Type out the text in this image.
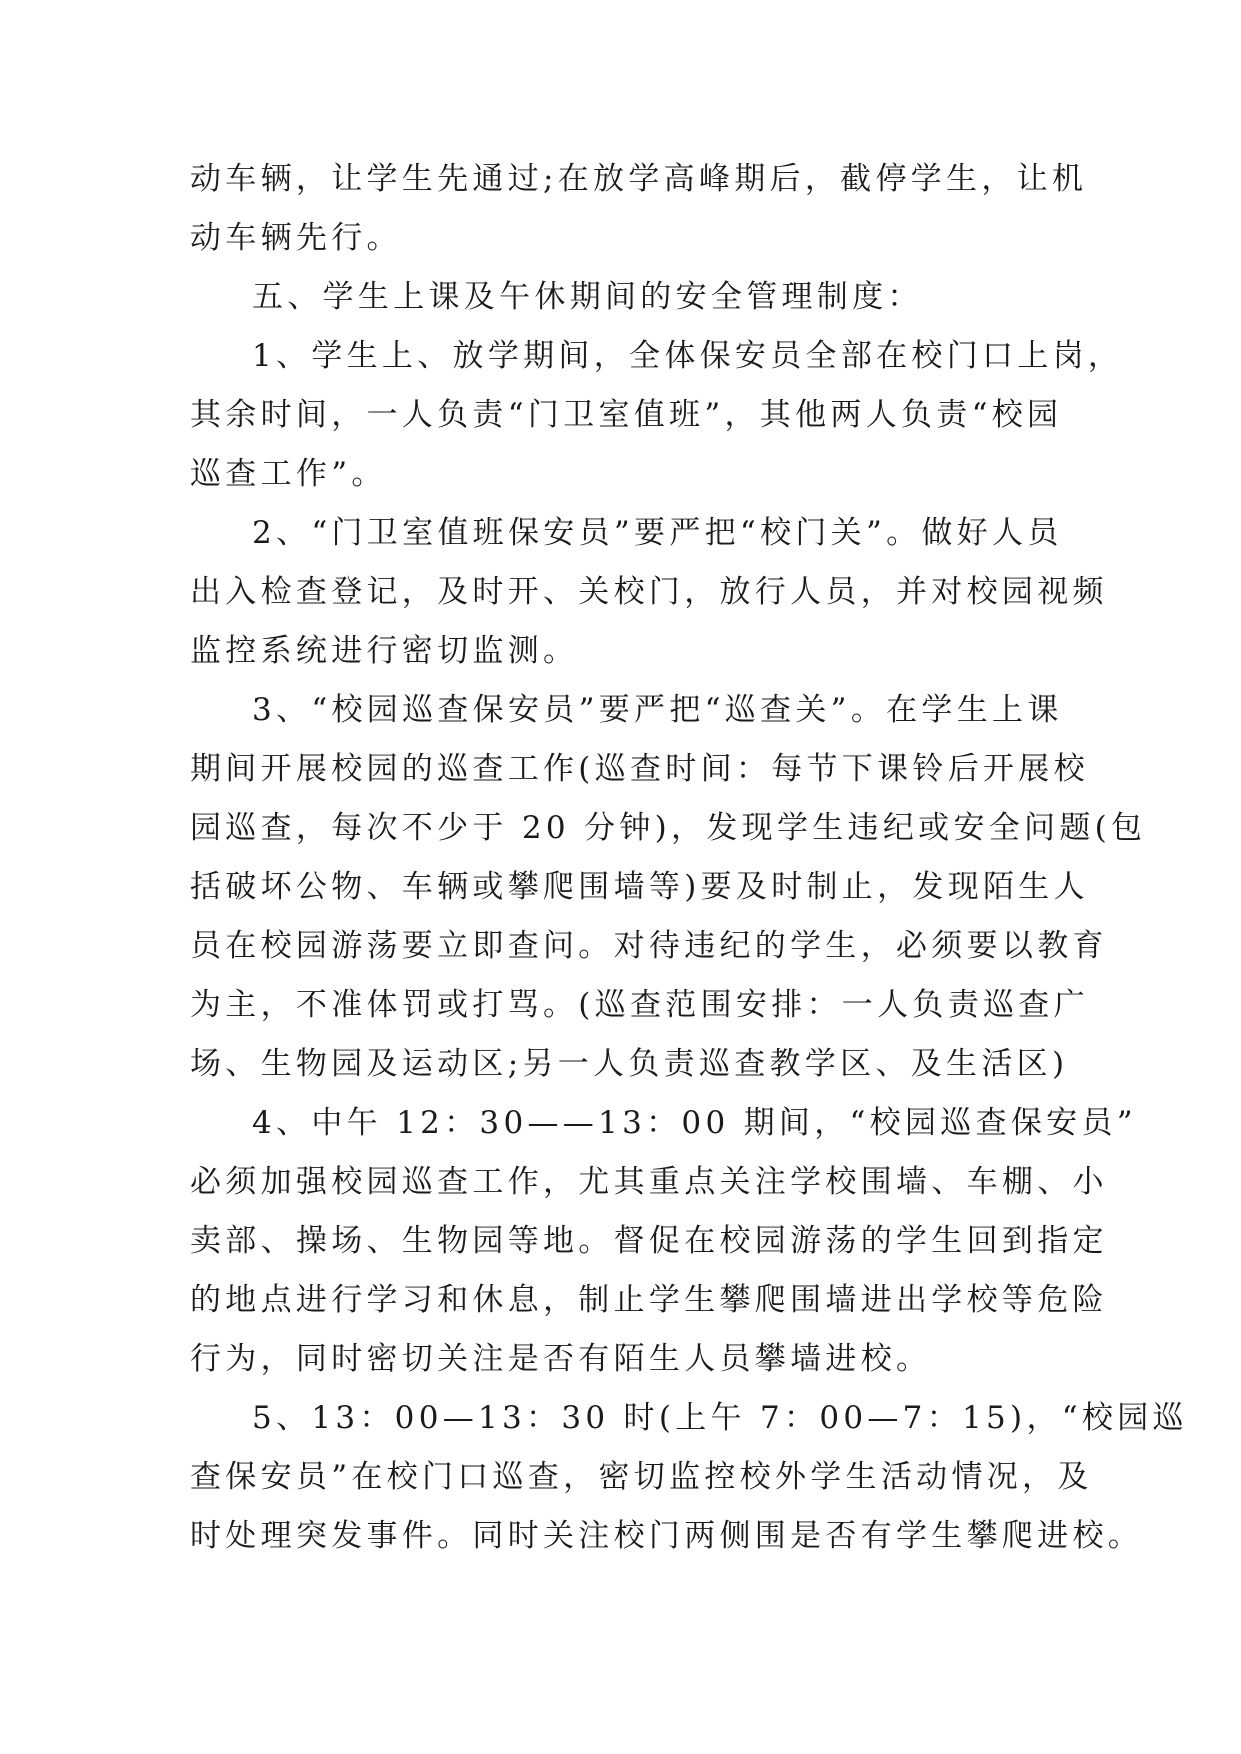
动车辆，让学生先通过;在放学高峰期后，截停学生，让机
动车辆先行。

五、学生上课及午休期间的安全管理制度：

1、学生上、放学期间，全体保安员全部在校门口上岗，
其余时间，一人负责“门卫室值班”，其他两人负责“校园
巡查工作”。

2、“门卫室值班保安员”要严把“校门关”。做好人员
出入检查登记，及时开、关校门，放行人员，并对校园视频
监控系统进行密切监测。

3、“校园巡查保安员”要严把“巡查关”。在学生上课
期间开展校园的巡查工作(巡查时间：每节下课铃后开展校
园巡查，每次不少于 20 分钟)，发现学生违纪或安全问题(包
括破坏公物、车辆或攀爬围墙等)要及时制止，发现陌生人
员在校园游荡要立即查问。对待违纪的学生，必须要以教育
为主，不准体罚或打骂。(巡查范围安排：一人负责巡查广
场、生物园及运动区;另一人负责巡查教学区、及生活区)

4、中午 12：30——13：00 期间，“校园巡查保安员”
必须加强校园巡查工作，尤其重点关注学校围墙、车棚、小
卖部、操场、生物园等地。督促在校园游荡的学生回到指定
的地点进行学习和休息，制止学生攀爬围墙进出学校等危险
行为，同时密切关注是否有陌生人员攀墙进校。

5、13：00—13：30 时(上午 7：00—7：15)，“校园巡
查保安员”在校门口巡查，密切监控校外学生活动情况，及
时处理突发事件。同时关注校门两侧围是否有学生攀爬进校。
